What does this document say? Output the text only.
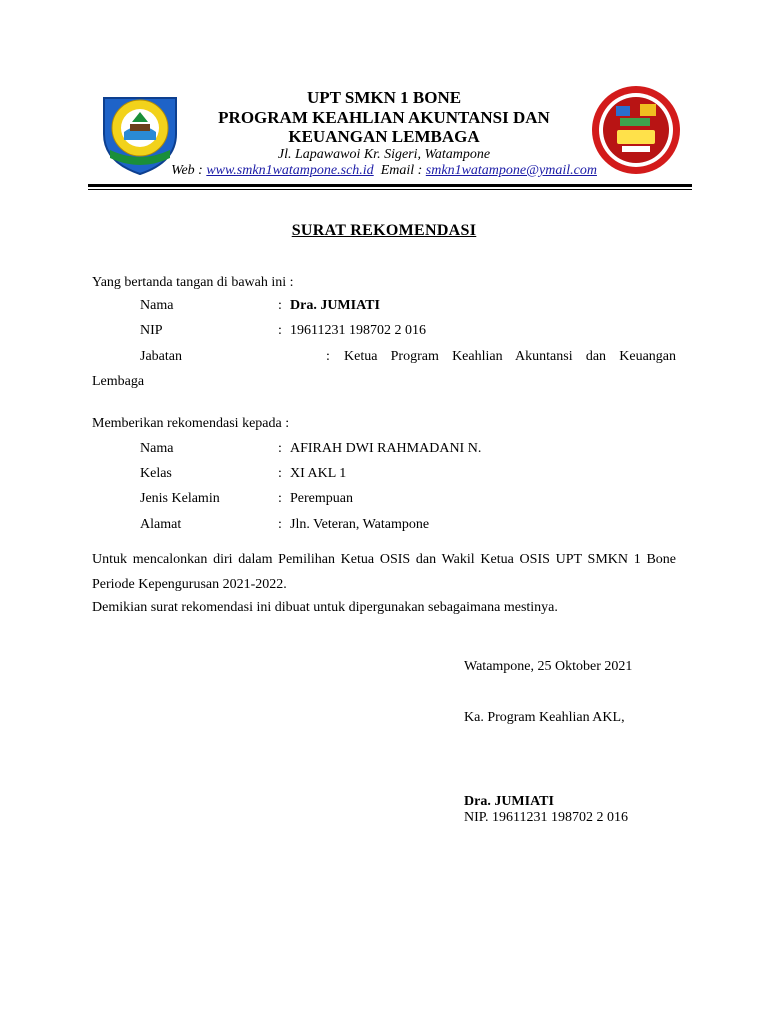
UPT SMKN 1 BONE
PROGRAM KEAHLIAN AKUNTANSI DAN
KEUANGAN LEMBAGA
Jl. Lapawawoi Kr. Sigeri, Watampone
Web : www.smkn1watampone.sch.id Email : smkn1watampone@ymail.com
SURAT REKOMENDASI
Yang bertanda tangan di bawah ini :
Nama	: Dra. JUMIATI
NIP	: 19611231 198702 2 016
Jabatan	: Ketua Program Keahlian Akuntansi dan Keuangan
Lembaga
Memberikan rekomendasi kepada :
Nama	: AFIRAH DWI RAHMADANI N.
Kelas	: XI AKL 1
Jenis Kelamin	: Perempuan
Alamat	: Jln. Veteran, Watampone
Untuk mencalonkan diri dalam Pemilihan Ketua OSIS dan Wakil Ketua OSIS UPT SMKN 1 Bone Periode Kepengurusan 2021-2022.
Demikian surat rekomendasi ini dibuat untuk dipergunakan sebagaimana mestinya.
Watampone, 25 Oktober 2021
Ka. Program Keahlian AKL,
Dra. JUMIATI
NIP. 19611231 198702 2 016
